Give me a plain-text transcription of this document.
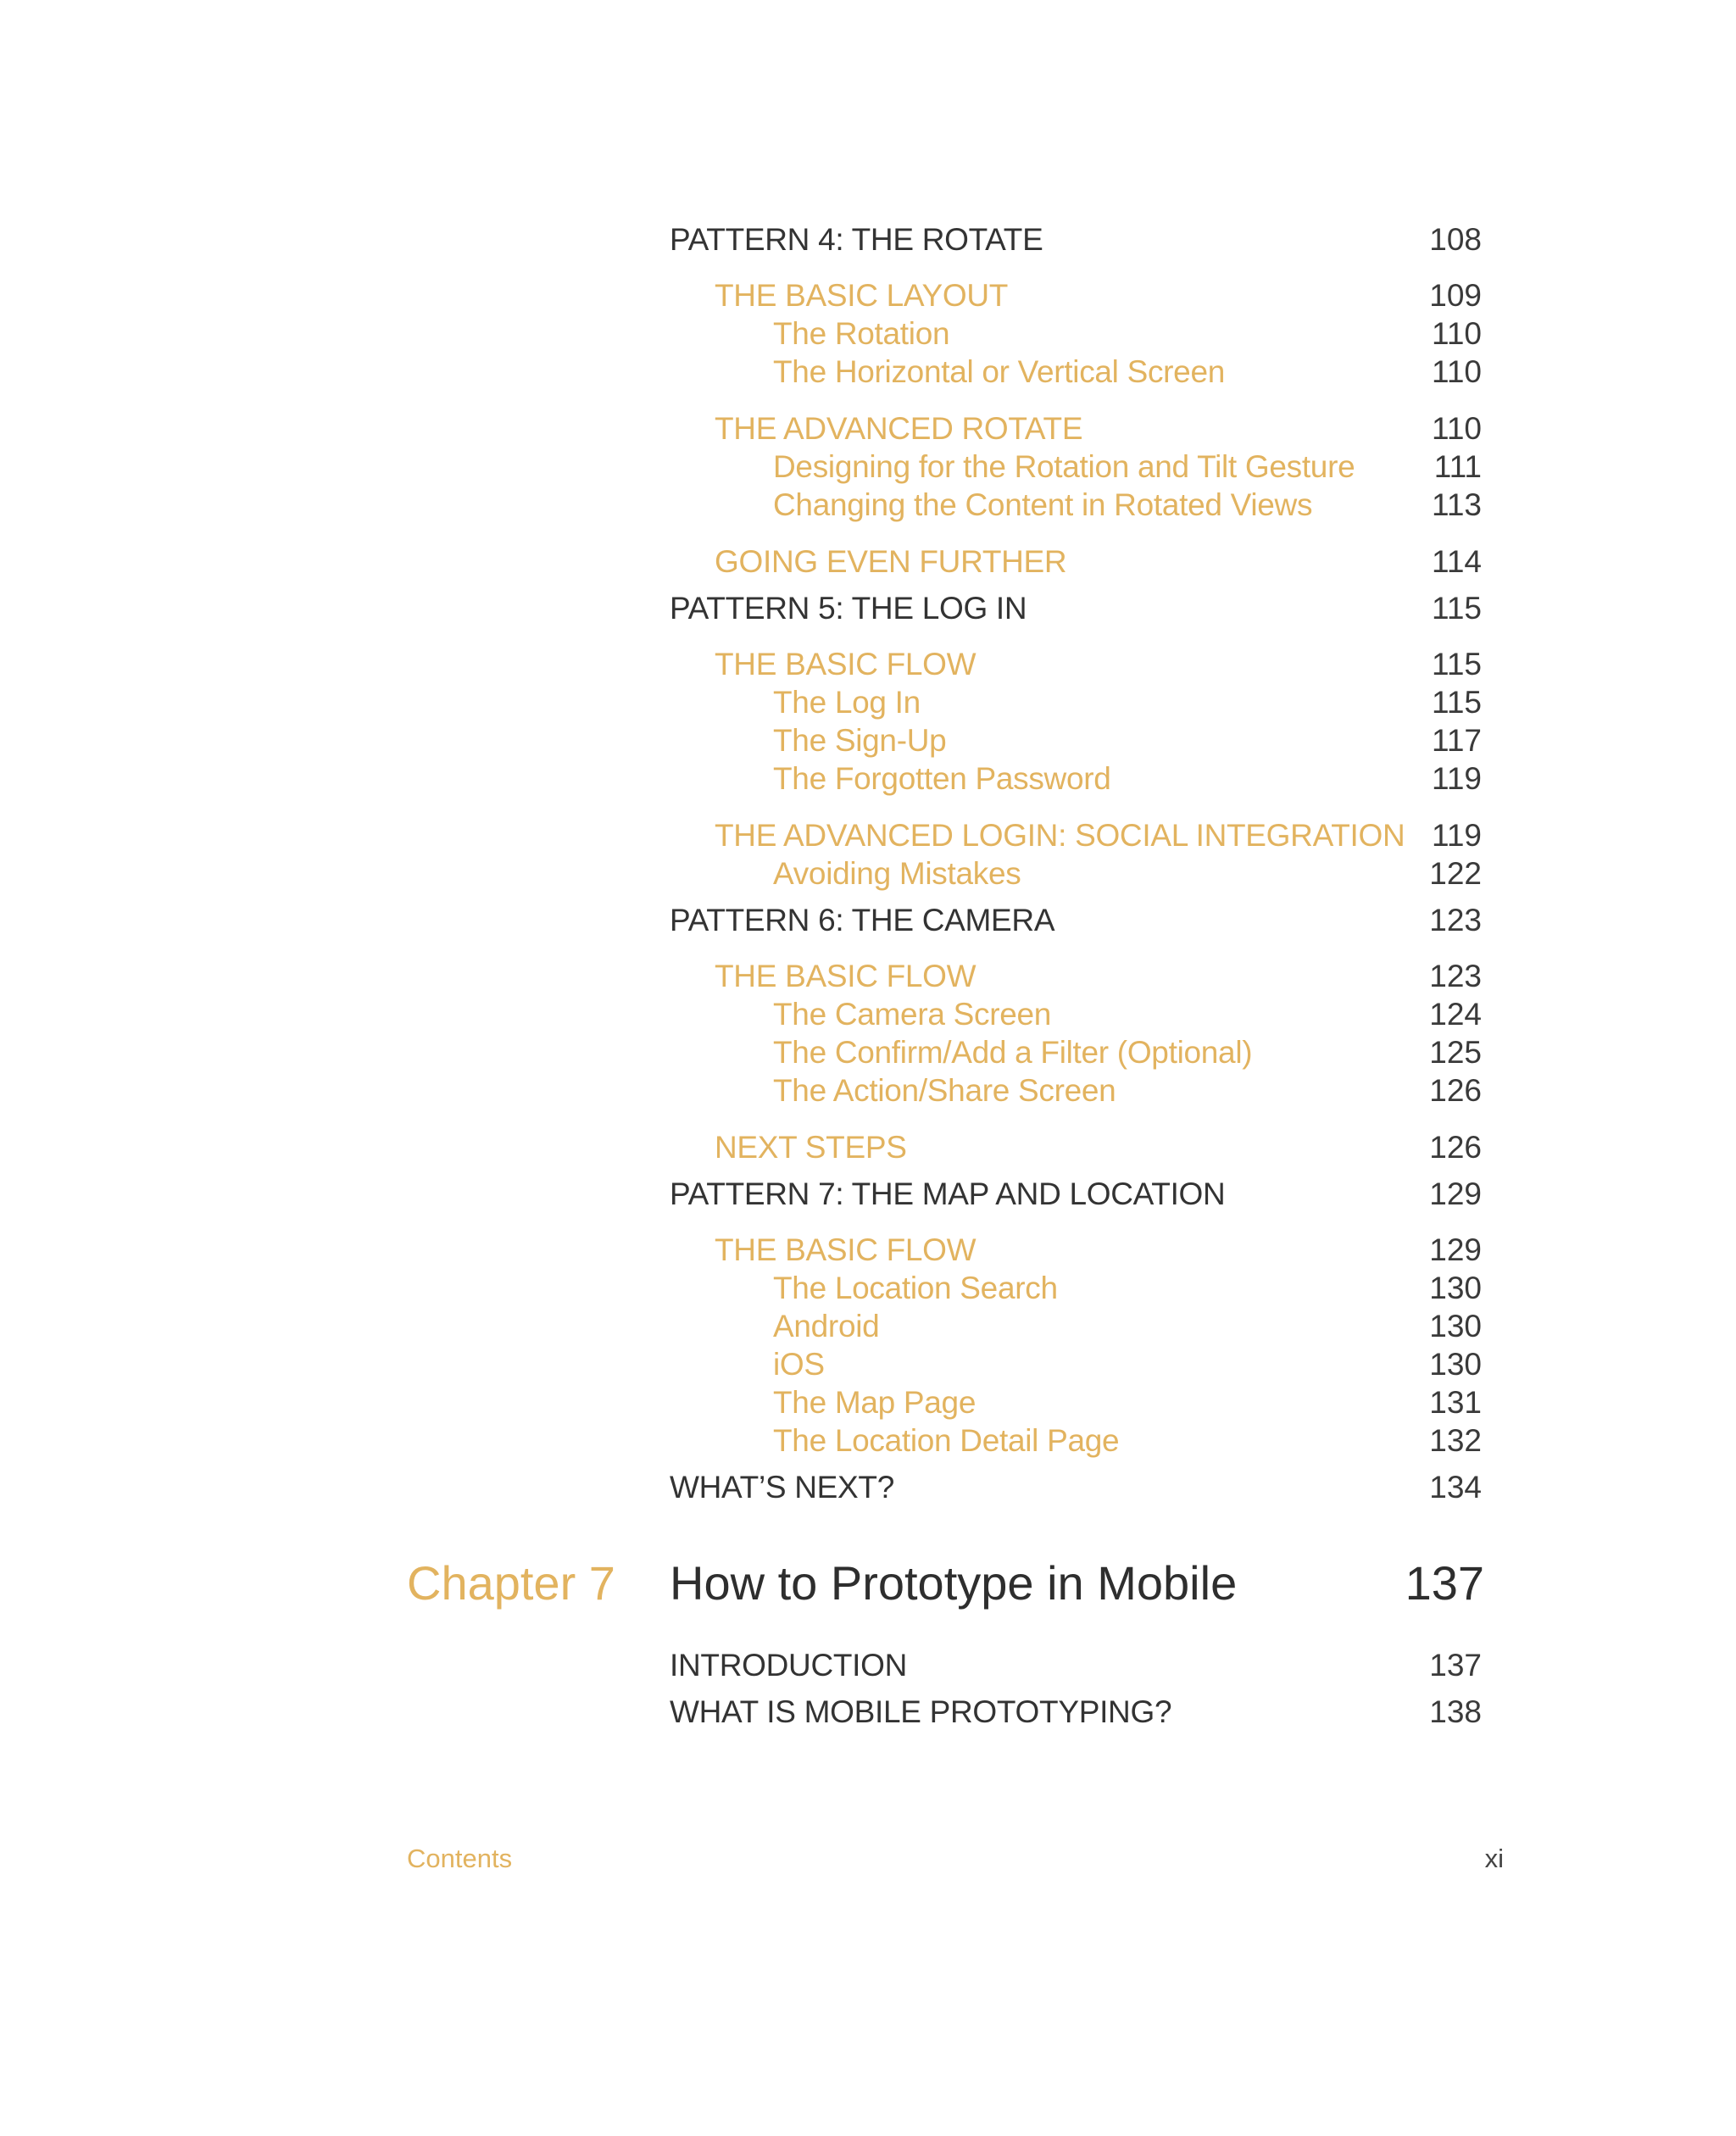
PATTERN 4: THE ROTATE	108
THE BASIC LAYOUT	109
The Rotation	110
The Horizontal or Vertical Screen	110
THE ADVANCED ROTATE	110
Designing for the Rotation and Tilt Gesture	111
Changing the Content in Rotated Views	113
GOING EVEN FURTHER	114
PATTERN 5: THE LOG IN	115
THE BASIC FLOW	115
The Log In	115
The Sign-Up	117
The Forgotten Password	119
THE ADVANCED LOGIN: SOCIAL INTEGRATION 119
Avoiding Mistakes	122
PATTERN 6: THE CAMERA	123
THE BASIC FLOW	123
The Camera Screen	124
The Confirm/Add a Filter (Optional)	125
The Action/Share Screen	126
NEXT STEPS	126
PATTERN 7: THE MAP AND LOCATION	129
THE BASIC FLOW	129
The Location Search	130
Android	130
iOS	130
The Map Page	131
The Location Detail Page	132
WHAT’S NEXT?	134
INTRODUCTION	137
WHAT IS MOBILE PROTOTYPING?	138
Chapter 7 How to Prototype in Mobile	137
Contents	xi
